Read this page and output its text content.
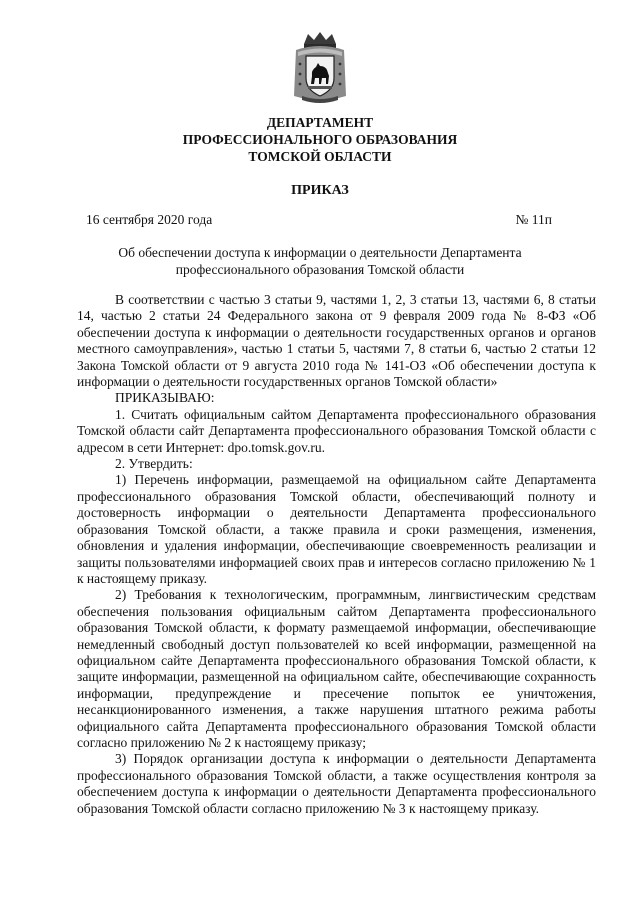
ДЕПАРТАМЕНТ
ПРОФЕССИОНАЛЬНОГО ОБРАЗОВАНИЯ
ТОМСКОЙ ОБЛАСТИ
ПРИКАЗ
16 сентября 2020 года	№ 11п
Об обеспечении доступа к информации о деятельности Департамента
профессионального образования Томской области

В соответствии с частью 3 статьи 9, частями 1, 2, 3 статьи 13, частями 6, 8 статьи 14, частью 2 статьи 24 Федерального закона от 9 февраля 2009 года № 8-ФЗ «Об обеспечении доступа к информации о деятельности государственных органов и органов местного самоуправления», частью 1 статьи 5, частями 7, 8 статьи 6, частью 2 статьи 12 Закона Томской области от 9 августа 2010 года № 141-ОЗ «Об обеспечении доступа к информации о деятельности государственных органов Томской области»

ПРИКАЗЫВАЮ:

1. Считать официальным сайтом Департамента профессионального образования Томской области сайт Департамента профессионального образования Томской области с адресом в сети Интернет: dpo.tomsk.gov.ru.

2. Утвердить:

1) Перечень информации, размещаемой на официальном сайте Департамента профессионального образования Томской области, обеспечивающий полноту и достоверность информации о деятельности Департамента профессионального образования Томской области, а также правила и сроки размещения, изменения, обновления и удаления информации, обеспечивающие своевременность реализации и защиты пользователями информацией своих прав и интересов согласно приложению № 1 к настоящему приказу.

2) Требования к технологическим, программным, лингвистическим средствам обеспечения пользования официальным сайтом Департамента профессионального образования Томской области, к формату размещаемой информации, обеспечивающие немедленный свободный доступ пользователей ко всей информации, размещенной на официальном сайте Департамента профессионального образования Томской области, к защите информации, размещенной на официальном сайте, обеспечивающие сохранность информации, предупреждение и пресечение попыток ее уничтожения, несанкционированного изменения, а также нарушения штатного режима работы официального сайта Департамента профессионального образования Томской области согласно приложению № 2 к настоящему приказу;

3) Порядок организации доступа к информации о деятельности Департамента профессионального образования Томской области, а также осуществления контроля за обеспечением доступа к информации о деятельности Департамента профессионального образования Томской области согласно приложению № 3 к настоящему приказу.
